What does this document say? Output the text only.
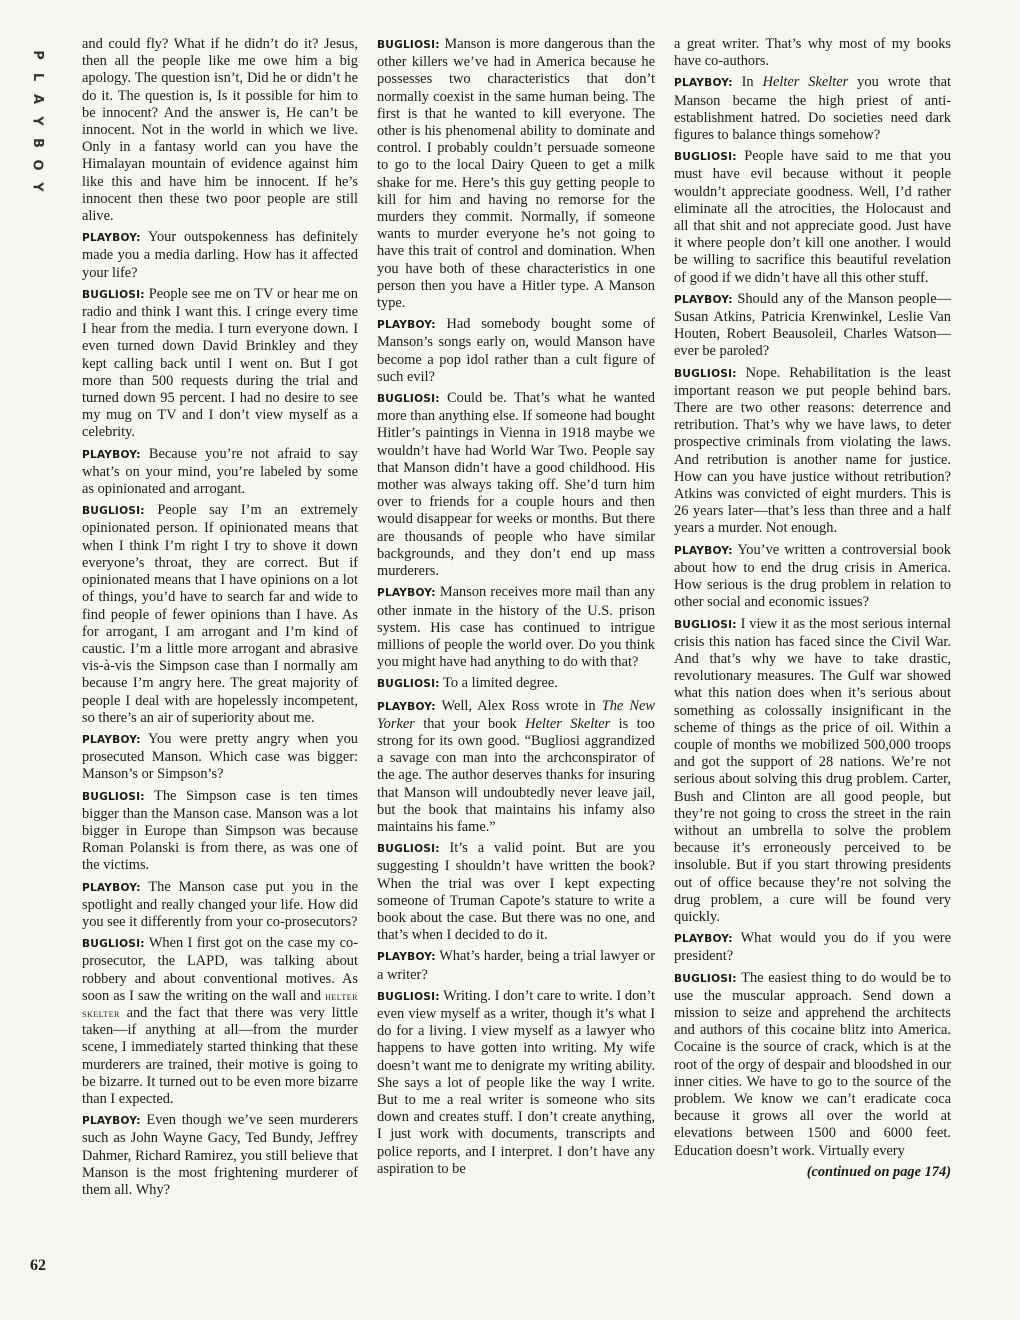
P
L
A
Y
B
O
Y
62

and could fly? What if he didn’t do it? Jesus, then all the people like me owe him a big apology. The question isn’t, Did he or didn’t he do it. The question is, Is it possible for him to be innocent? And the answer is, He can’t be innocent. Not in the world in which we live. Only in a fantasy world can you have the Himalayan mountain of evidence against him like this and have him be innocent. If he’s innocent then these two poor people are still alive.

PLAYBOY: Your outspokenness has definitely made you a media darling. How has it affected your life?

BUGLIOSI: People see me on TV or hear me on radio and think I want this. I cringe every time I hear from the media. I turn everyone down. I even turned down David Brinkley and they kept calling back until I went on. But I got more than 500 requests during the trial and turned down 95 percent. I had no desire to see my mug on TV and I don’t view myself as a celebrity.

PLAYBOY: Because you’re not afraid to say what’s on your mind, you’re labeled by some as opinionated and arrogant.

BUGLIOSI: People say I’m an extremely opinionated person. If opinionated means that when I think I’m right I try to shove it down everyone’s throat, they are correct. But if opinionated means that I have opinions on a lot of things, you’d have to search far and wide to find people of fewer opinions than I have. As for arrogant, I am arrogant and I’m kind of caustic. I’m a little more arrogant and abrasive vis-à-vis the Simpson case than I normally am because I’m angry here. The great majority of people I deal with are hopelessly incompetent, so there’s an air of superiority about me.

PLAYBOY: You were pretty angry when you prosecuted Manson. Which case was bigger: Manson’s or Simpson’s?

BUGLIOSI: The Simpson case is ten times bigger than the Manson case. Manson was a lot bigger in Europe than Simpson was because Roman Polanski is from there, as was one of the victims.

PLAYBOY: The Manson case put you in the spotlight and really changed your life. How did you see it differently from your co-prosecutors?

BUGLIOSI: When I first got on the case my co-prosecutor, the LAPD, was talking about robbery and about conventional motives. As soon as I saw the writing on the wall and helter skelter and the fact that there was very little taken—if anything at all—from the murder scene, I immediately started thinking that these murderers are trained, their motive is going to be bizarre. It turned out to be even more bizarre than I expected.

PLAYBOY: Even though we’ve seen murderers such as John Wayne Gacy, Ted Bundy, Jeffrey Dahmer, Richard Ramirez, you still believe that Manson is the most frightening murderer of them all. Why?

BUGLIOSI: Manson is more dangerous than the other killers we’ve had in America because he possesses two characteristics that don’t normally coexist in the same human being. The first is that he wanted to kill everyone. The other is his phenomenal ability to dominate and control. I probably couldn’t persuade someone to go to the local Dairy Queen to get a milk shake for me. Here’s this guy getting people to kill for him and having no remorse for the murders they commit. Normally, if someone wants to murder everyone he’s not going to have this trait of control and domination. When you have both of these characteristics in one person then you have a Hitler type. A Manson type.

PLAYBOY: Had somebody bought some of Manson’s songs early on, would Manson have become a pop idol rather than a cult figure of such evil?

BUGLIOSI: Could be. That’s what he wanted more than anything else. If someone had bought Hitler’s paintings in Vienna in 1918 maybe we wouldn’t have had World War Two. People say that Manson didn’t have a good childhood. His mother was always taking off. She’d turn him over to friends for a couple hours and then would disappear for weeks or months. But there are thousands of people who have similar backgrounds, and they don’t end up mass murderers.

PLAYBOY: Manson receives more mail than any other inmate in the history of the U.S. prison system. His case has continued to intrigue millions of people the world over. Do you think you might have had anything to do with that?

BUGLIOSI: To a limited degree.

PLAYBOY: Well, Alex Ross wrote in The New Yorker that your book Helter Skelter is too strong for its own good. “Bugliosi aggrandized a savage con man into the archconspirator of the age. The author deserves thanks for insuring that Manson will undoubtedly never leave jail, but the book that maintains his infamy also maintains his fame.”

BUGLIOSI: It’s a valid point. But are you suggesting I shouldn’t have written the book? When the trial was over I kept expecting someone of Truman Capote’s stature to write a book about the case. But there was no one, and that’s when I decided to do it.

PLAYBOY: What’s harder, being a trial lawyer or a writer?

BUGLIOSI: Writing. I don’t care to write. I don’t even view myself as a writer, though it’s what I do for a living. I view myself as a lawyer who happens to have gotten into writing. My wife doesn’t want me to denigrate my writing ability. She says a lot of people like the way I write. But to me a real writer is someone who sits down and creates stuff. I don’t create anything, I just work with documents, transcripts and police reports, and I interpret. I don’t have any aspiration to be

a great writer. That’s why most of my books have co-authors.

PLAYBOY: In Helter Skelter you wrote that Manson became the high priest of anti-establishment hatred. Do societies need dark figures to balance things somehow?

BUGLIOSI: People have said to me that you must have evil because without it people wouldn’t appreciate goodness. Well, I’d rather eliminate all the atrocities, the Holocaust and all that shit and not appreciate good. Just have it where people don’t kill one another. I would be willing to sacrifice this beautiful revelation of good if we didn’t have all this other stuff.

PLAYBOY: Should any of the Manson people—Susan Atkins, Patricia Krenwinkel, Leslie Van Houten, Robert Beausoleil, Charles Watson—ever be paroled?

BUGLIOSI: Nope. Rehabilitation is the least important reason we put people behind bars. There are two other reasons: deterrence and retribution. That’s why we have laws, to deter prospective criminals from violating the laws. And retribution is another name for justice. How can you have justice without retribution? Atkins was convicted of eight murders. This is 26 years later—that’s less than three and a half years a murder. Not enough.

PLAYBOY: You’ve written a controversial book about how to end the drug crisis in America. How serious is the drug problem in relation to other social and economic issues?

BUGLIOSI: I view it as the most serious internal crisis this nation has faced since the Civil War. And that’s why we have to take drastic, revolutionary measures. The Gulf war showed what this nation does when it’s serious about something as colossally insignificant in the scheme of things as the price of oil. Within a couple of months we mobilized 500,000 troops and got the support of 28 nations. We’re not serious about solving this drug problem. Carter, Bush and Clinton are all good people, but they’re not going to cross the street in the rain without an umbrella to solve the problem because it’s erroneously perceived to be insoluble. But if you start throwing presidents out of office because they’re not solving the drug problem, a cure will be found very quickly.

PLAYBOY: What would you do if you were president?

BUGLIOSI: The easiest thing to do would be to use the muscular approach. Send down a mission to seize and apprehend the architects and authors of this cocaine blitz into America. Cocaine is the source of crack, which is at the root of the orgy of despair and bloodshed in our inner cities. We have to go to the source of the problem. We know we can’t eradicate coca because it grows all over the world at elevations between 1500 and 6000 feet. Education doesn’t work. Virtually every

(continued on page 174)
